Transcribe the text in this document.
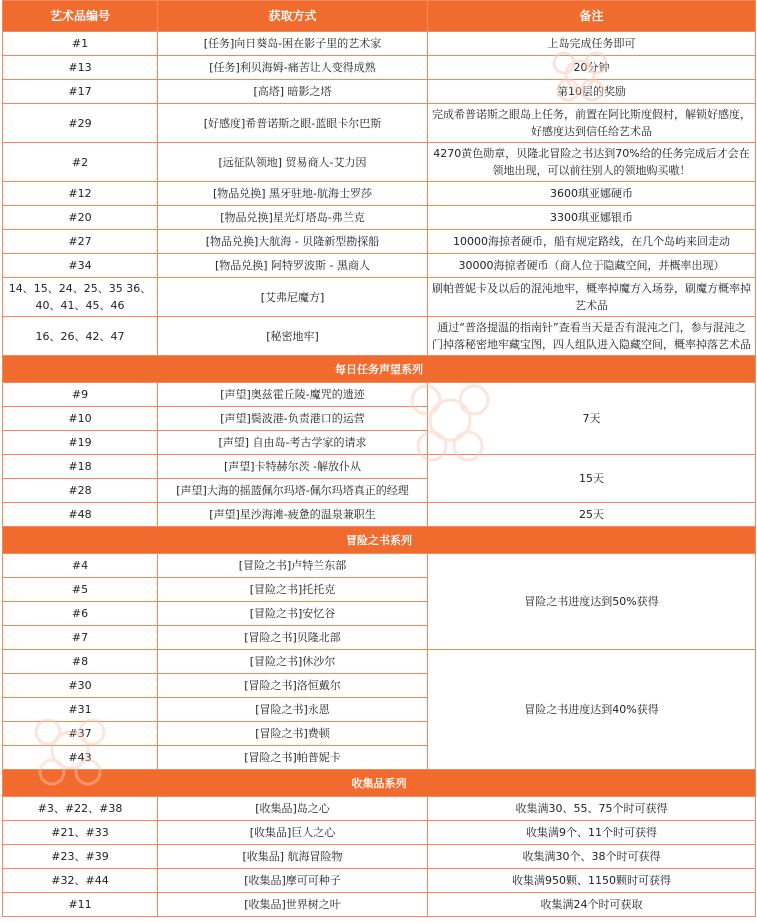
艺术品编号	获取方式	备注
#1	[任务]向日葵岛-困在影子里的艺术家	上岛完成任务即可
#13	[任务]利贝海姆-痛苦让人变得成熟	20分钟
#17	[高塔] 暗影之塔	第10层的奖励
#29	[好感度]希普诺斯之眼-蓝眼卡尔巴斯	完成希普诺斯之眼岛上任务，前置在阿比斯度假村，解锁好感度，好感度达到信任给艺术品
#2	[远征队领地] 贸易商人-艾力因	4270黄色勋章，贝隆北冒险之书达到70%给的任务完成后才会在领地出现，可以前往别人的领地购买嗷！
#12	[物品兑换] 黑牙驻地-航海士罗莎	3600琪亚娜硬币
#20	[物品兑换]星光灯塔岛-弗兰克	3300琪亚娜银币
#27	[物品兑换]大航海 - 贝隆新型勘探船	10000海掠者硬币，船有规定路线，在几个岛屿来回走动
#34	[物品兑换] 阿特罗波斯 - 黑商人	30000海掠者硬币（商人位于隐藏空间，并概率出现）
14、15、24、25、35 36、40、41、45、46	[艾弗尼魔方]	刷帕普妮卡及以后的混沌地牢，概率掉魔方入场券，刷魔方概率掉艺术品
16、26、42、47	[秘密地牢]	通过“普洛提温的指南针”查看当天是否有混沌之门，参与混沌之门掉落秘密地牢藏宝图，四人组队进入隐藏空间，概率掉落艺术品
每日任务声望系列		
#9	[声望]奥兹霍丘陵-魔咒的遗迹	7天
#10	[声望]鬓波港-负责港口的运营	
#19	[声望] 自由岛-考古学家的请求	
#18	[声望]卡特赫尔茨 -解放仆从	15天
#28	[声望]大海的摇篮佩尔玛塔-佩尔玛塔真正的经理	
#48	[声望]星沙海滩-疲惫的温泉兼职生	25天
冒险之书系列		
#4	[冒险之书]卢特兰东部	冒险之书进度达到50%获得
#5	[冒险之书]托托克	
#6	[冒险之书]安忆谷	
#7	[冒险之书]贝隆北部	
#8	[冒险之书]休沙尔	冒险之书进度达到40%获得
#30	[冒险之书]洛恒戴尔	
#31	[冒险之书]永恩	
#37	[冒险之书]费顿	
#43	[冒险之书]帕普妮卡	
收集品系列		
#3、#22、#38	[收集品]岛之心	收集满30、55、75个时可获得
#21、#33	[收集品]巨人之心	收集满9个、11个时可获得
#23、#39	[收集品] 航海冒险物	收集满30个、38个时可获得
#32、#44	[收集品]摩可可种子	收集满950颗、1150颗时可获得
#11	[收集品]世界树之叶	收集满24个时可获取
